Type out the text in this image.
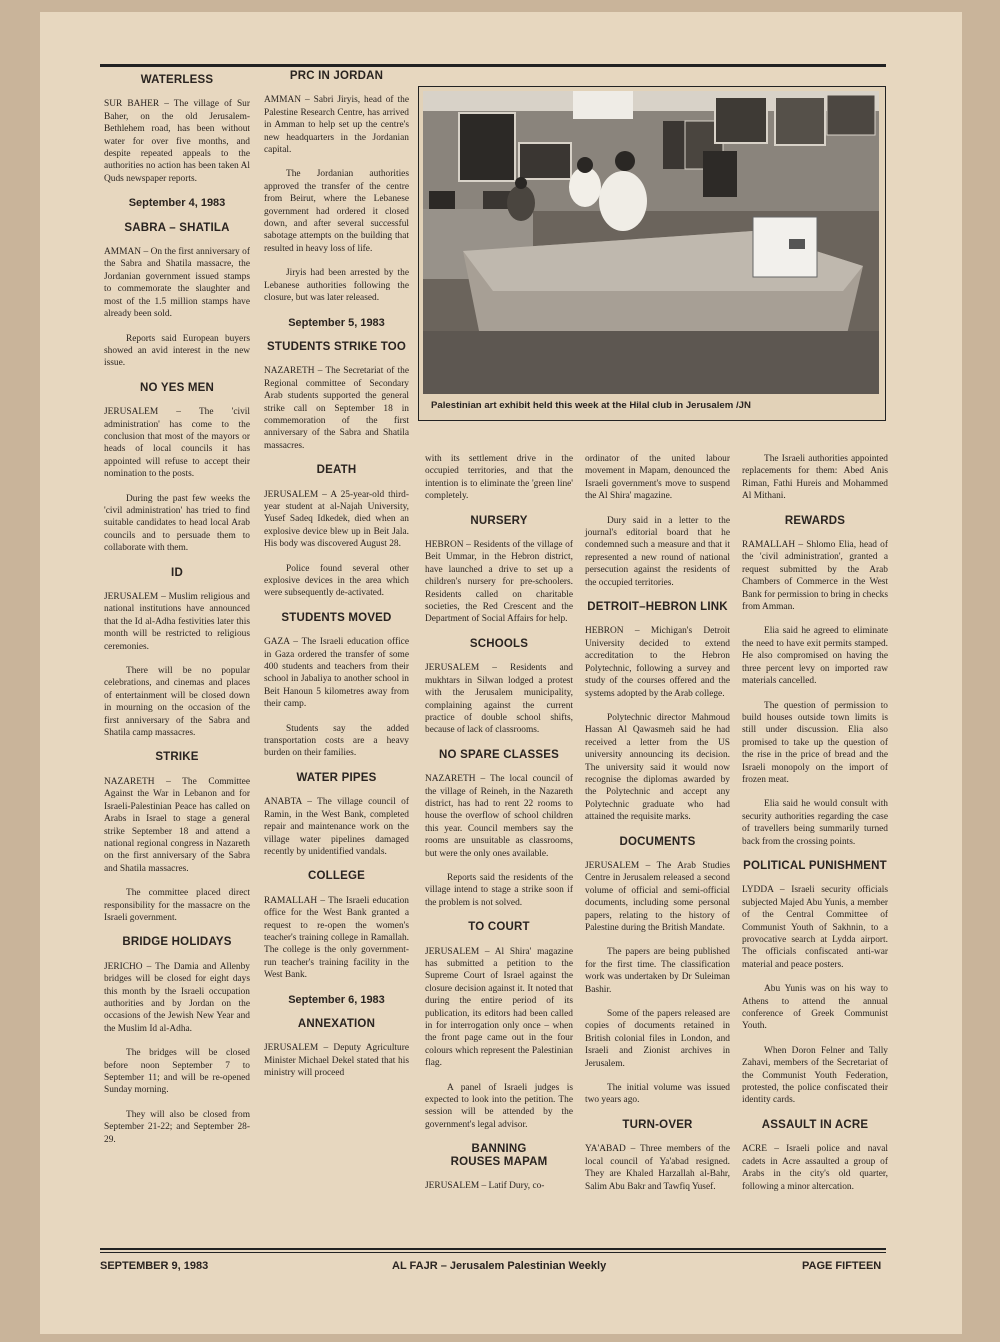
WATERLESS

SUR BAHER – The village of Sur Baher, on the old Jerusalem-Bethlehem road, has been without water for over five months, and despite repeated appeals to the authorities no action has been taken Al Quds newspaper reports.

September 4, 1983
SABRA – SHATILA

AMMAN – On the first anniversary of the Sabra and Shatila massacre, the Jordanian government issued stamps to commemorate the slaughter and most of the 1.5 million stamps have already been sold.

Reports said European buyers showed an avid interest in the new issue.

NO YES MEN

JERUSALEM – The 'civil administration' has come to the conclusion that most of the mayors or heads of local councils it has appointed will refuse to accept their nomination to the posts.

During the past few weeks the 'civil administration' has tried to find suitable candidates to head local Arab councils and to persuade them to collaborate with them.

ID

JERUSALEM – Muslim religious and national institutions have announced that the Id al-Adha festivities later this month will be restricted to religious ceremonies.

There will be no popular celebrations, and cinemas and places of entertainment will be closed down in mourning on the occasion of the first anniversary of the Sabra and Shatila camp massacres.

STRIKE

NAZARETH – The Committee Against the War in Lebanon and for Israeli-Palestinian Peace has called on Arabs in Israel to stage a general strike September 18 and attend a national regional congress in Nazareth on the first anniversary of the Sabra and Shatila massacres.

The committee placed direct responsibility for the massacre on the Israeli government.

BRIDGE HOLIDAYS

JERICHO – The Damia and Allenby bridges will be closed for eight days this month by the Israeli occupation authorities and by Jordan on the occasions of the Jewish New Year and the Muslim Id al-Adha.

The bridges will be closed before noon September 7 to September 11; and will be re-opened Sunday morning.

They will also be closed from September 21-22; and September 28-29.

PRC IN JORDAN

AMMAN – Sabri Jiryis, head of the Palestine Research Centre, has arrived in Amman to help set up the centre's new headquarters in the Jordanian capital.

The Jordanian authorities approved the transfer of the centre from Beirut, where the Lebanese government had ordered it closed down, and after several successful sabotage attempts on the building that resulted in heavy loss of life.

Jiryis had been arrested by the Lebanese authorities following the closure, but was later released.

September 5, 1983
STUDENTS STRIKE TOO

NAZARETH – The Secretariat of the Regional committee of Secondary Arab students supported the general strike call on September 18 in commemoration of the first anniversary of the Sabra and Shatila massacres.

DEATH

JERUSALEM – A 25-year-old third-year student at al-Najah University, Yusef Sadeq Idkedek, died when an explosive device blew up in Beit Jala. His body was discovered August 28.

Police found several other explosive devices in the area which were subsequently de-activated.

STUDENTS MOVED

GAZA – The Israeli education office in Gaza ordered the transfer of some 400 students and teachers from their school in Jabaliya to another school in Beit Hanoun 5 kilometres away from their camp.

Students say the added transportation costs are a heavy burden on their families.

WATER PIPES

ANABTA – The village council of Ramin, in the West Bank, completed repair and maintenance work on the village water pipelines damaged recently by unidentified vandals.

COLLEGE

RAMALLAH – The Israeli education office for the West Bank granted a request to re-open the women's teacher's training college in Ramallah. The college is the only government-run teacher's training facility in the West Bank.

September 6, 1983
ANNEXATION

JERUSALEM – Deputy Agriculture Minister Michael Dekel stated that his ministry will proceed

Palestinian art exhibit held this week at the Hilal club in Jerusalem /JN

with its settlement drive in the occupied territories, and that the intention is to eliminate the 'green line' completely.

NURSERY

HEBRON – Residents of the village of Beit Ummar, in the Hebron district, have launched a drive to set up a children's nursery for pre-schoolers. Residents called on charitable societies, the Red Crescent and the Department of Social Affairs for help.

SCHOOLS

JERUSALEM – Residents and mukhtars in Silwan lodged a protest with the Jerusalem municipality, complaining against the current practice of double school shifts, because of lack of classrooms.

NO SPARE CLASSES

NAZARETH – The local council of the village of Reineh, in the Nazareth district, has had to rent 22 rooms to house the overflow of school children this year. Council members say the rooms are unsuitable as classrooms, but were the only ones available.

Reports said the residents of the village intend to stage a strike soon if the problem is not solved.

TO COURT

JERUSALEM – Al Shira' magazine has submitted a petition to the Supreme Court of Israel against the closure decision against it. It noted that during the entire period of its publication, its editors had been called in for interrogation only once – when the front page came out in the four colours which represent the Palestinian flag.

A panel of Israeli judges is expected to look into the petition. The session will be attended by the government's legal advisor.

BANNING ROUSES MAPAM

JERUSALEM – Latif Dury, co-

ordinator of the united labour movement in Mapam, denounced the Israeli government's move to suspend the Al Shira' magazine.

Dury said in a letter to the journal's editorial board that he condemned such a measure and that it represented a new round of national persecution against the residents of the occupied territories.

DETROIT–HEBRON LINK

HEBRON – Michigan's Detroit University decided to extend accreditation to the Hebron Polytechnic, following a survey and study of the courses offered and the systems adopted by the Arab college.

Polytechnic director Mahmoud Hassan Al Qawasmeh said he had received a letter from the US university announcing its decision. The university said it would now recognise the diplomas awarded by the Polytechnic and accept any Polytechnic graduate who had attained the requisite marks.

DOCUMENTS

JERUSALEM – The Arab Studies Centre in Jerusalem released a second volume of official and semi-official documents, including some personal papers, relating to the history of Palestine during the British Mandate.

The papers are being published for the first time. The classification work was undertaken by Dr Suleiman Bashir.

Some of the papers released are copies of documents retained in British colonial files in London, and Israeli and Zionist archives in Jerusalem.

The initial volume was issued two years ago.

TURN-OVER

YA'ABAD – Three members of the local council of Ya'abad resigned. They are Khaled Harzallah al-Bahr, Salim Abu Bakr and Tawfiq Yusef.

The Israeli authorities appointed replacements for them: Abed Anis Riman, Fathi Hureis and Mohammed Al Mithani.

REWARDS

RAMALLAH – Shlomo Elia, head of the 'civil administration', granted a request submitted by the Arab Chambers of Commerce in the West Bank for permission to bring in checks from Amman.

Elia said he agreed to eliminate the need to have exit permits stamped. He also compromised on having the three percent levy on imported raw materials cancelled.

The question of permission to build houses outside town limits is still under discussion. Elia also promised to take up the question of the rise in the price of bread and the Israeli monopoly on the import of frozen meat.

Elia said he would consult with security authorities regarding the case of travellers being summarily turned back from the crossing points.

POLITICAL PUNISHMENT

LYDDA – Israeli security officials subjected Majed Abu Yunis, a member of the Central Committee of Communist Youth of Sakhnin, to a provocative search at Lydda airport. The officials confiscated anti-war material and peace posters.

Abu Yunis was on his way to Athens to attend the annual conference of Greek Communist Youth.

When Doron Felner and Tally Zahavi, members of the Secretariat of the Communist Youth Federation, protested, the police confiscated their identity cards.

ASSAULT IN ACRE

ACRE – Israeli police and naval cadets in Acre assaulted a group of Arabs in the city's old quarter, following a minor altercation.

SEPTEMBER 9, 1983	AL FAJR – Jerusalem Palestinian Weekly	PAGE FIFTEEN
